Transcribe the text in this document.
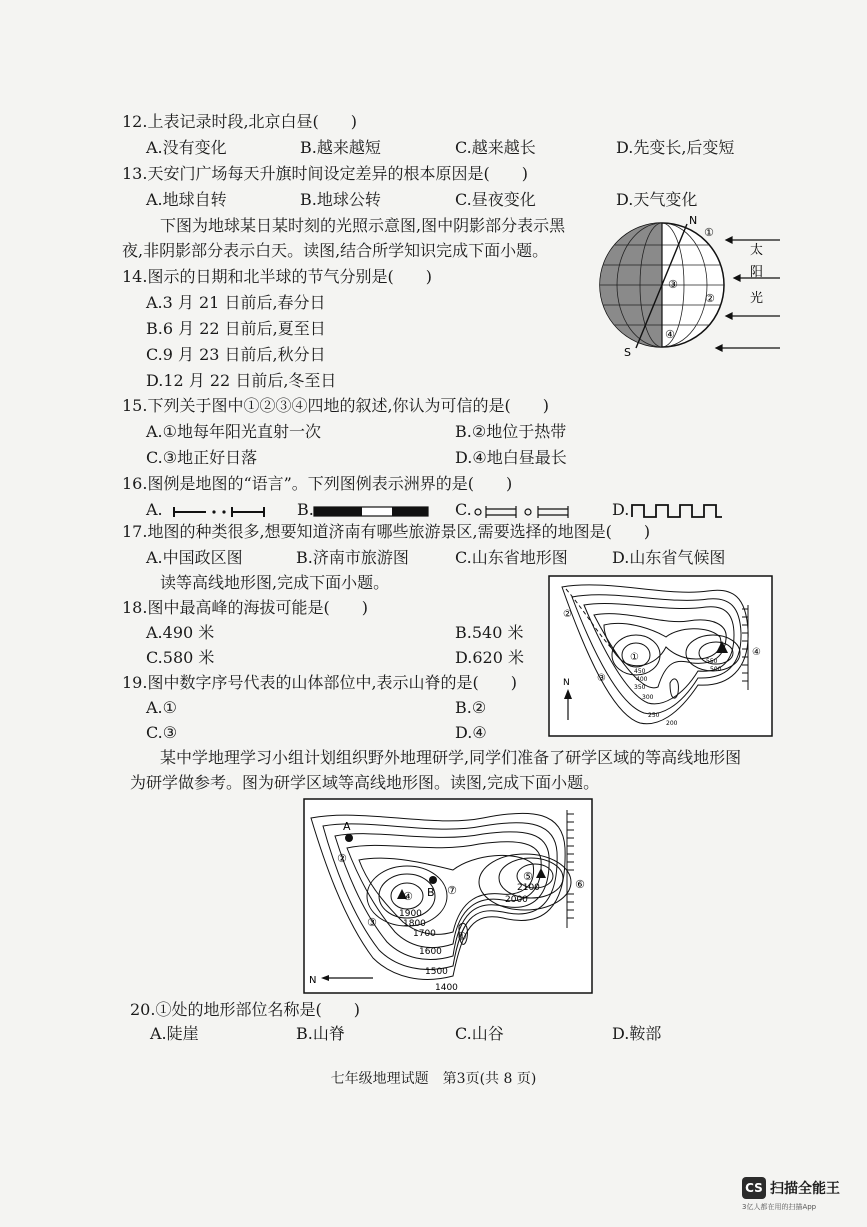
12.上表记录时段,北京白昼(　　)
A.没有变化	B.越来越短	C.越来越长	D.先变长,后变短
13.天安门广场每天升旗时间设定差异的根本原因是(　　)
A.地球自转	B.地球公转	C.昼夜变化	D.天气变化
下图为地球某日某时刻的光照示意图,图中阴影部分表示黑
夜,非阴影部分表示白天。读图,结合所学知识完成下面小题。
14.图示的日期和北半球的节气分别是(　　)
A.3 月 21 日前后,春分日
B.6 月 22 日前后,夏至日
C.9 月 23 日前后,秋分日
D.12 月 22 日前后,冬至日
N
S
①
②
③
④
太
阳
光
15.下列关于图中①②③④四地的叙述,你认为可信的是(　　)
A.①地每年阳光直射一次	B.②地位于热带
C.③地正好日落	D.④地白昼最长
16.图例是地图的“语言”。下列图例表示洲界的是(　　)
A.	B.	C.	D.
17.地图的种类很多,想要知道济南有哪些旅游景区,需要选择的地图是(　　)
A.中国政区图	B.济南市旅游图	C.山东省地形图	D.山东省气候图
读等高线地形图,完成下面小题。
18.图中最高峰的海拔可能是(　　)
A.490 米	B.540 米
C.580 米	D.620 米
19.图中数字序号代表的山体部位中,表示山脊的是(　　)
A.①	B.②
C.③	D.④
②
①
③
④
450
400
350
300
250
200
550
500
N
某中学地理学习小组计划组织野外地理研学,同学们准备了研学区域的等高线地形图
为研学做参考。图为研学区域等高线地形图。读图,完成下面小题。
A
B
②
③
④
⑤
⑥
⑦
①
1900
1800
1700
1600
1500
1400
2000
2100
N
20.①处的地形部位名称是(　　)
A.陡崖	B.山脊	C.山谷	D.鞍部
七年级地理试题　第3页(共 8 页)
CS 扫描全能王
3亿人都在用的扫描App
